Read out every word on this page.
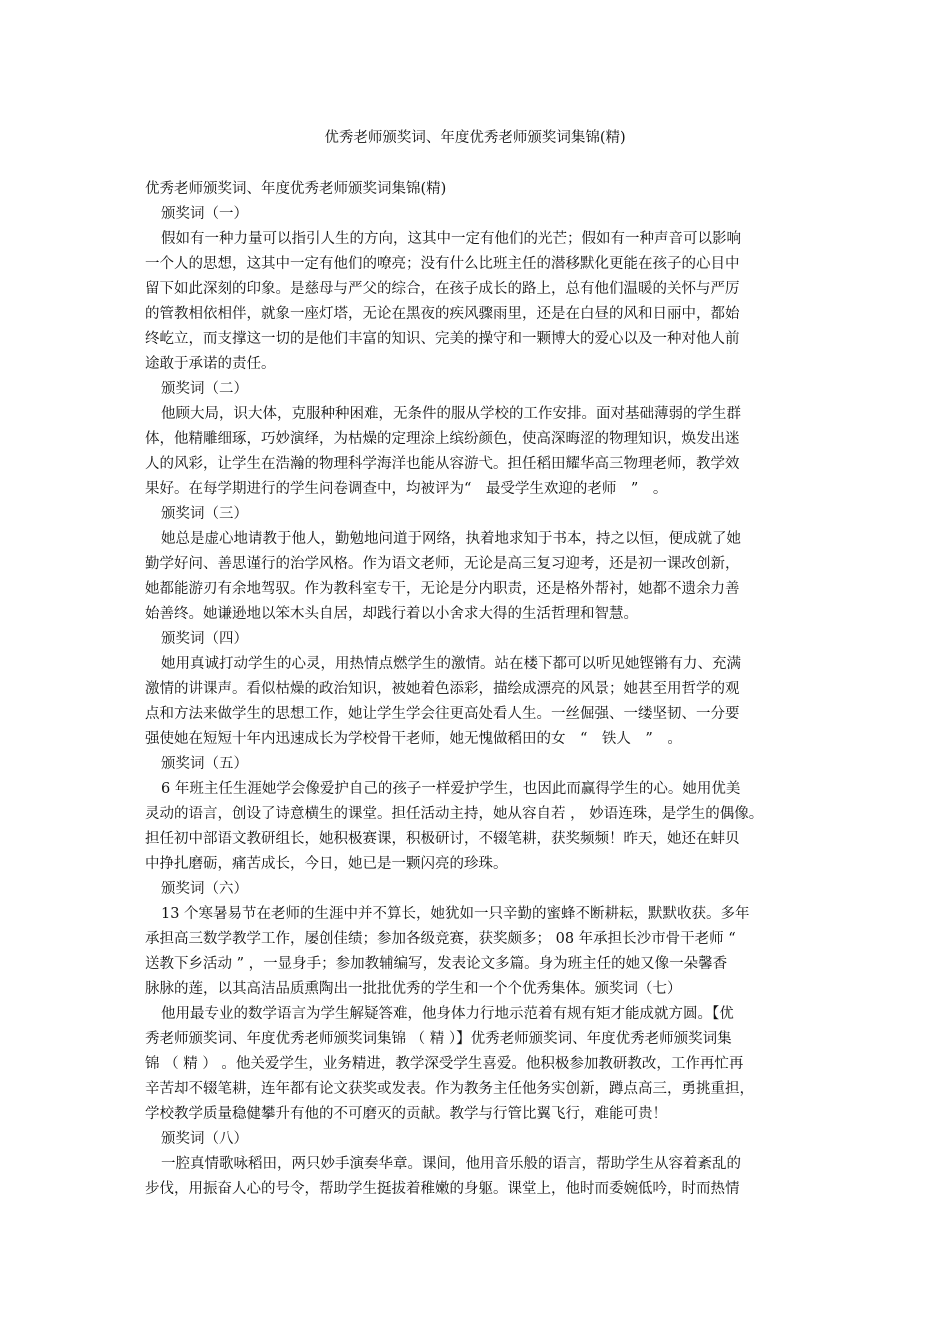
优秀老师颁奖词、年度优秀老师颁奖词集锦(精)
优秀老师颁奖词、年度优秀老师颁奖词集锦(精)
颁奖词（一）
假如有一种力量可以指引人生的方向，这其中一定有他们的光芒；假如有一种声音可以影响
一个人的思想，这其中一定有他们的嘹亮；没有什么比班主任的潜移默化更能在孩子的心目中
留下如此深刻的印象。是慈母与严父的综合，在孩子成长的路上，总有他们温暖的关怀与严厉
的管教相依相伴，就象一座灯塔，无论在黑夜的疾风骤雨里，还是在白昼的风和日丽中，都始
终屹立，而支撑这一切的是他们丰富的知识、完美的操守和一颗博大的爱心以及一种对他人前
途敢于承诺的责任。
颁奖词（二）
他顾大局，识大体，克服种种困难，无条件的服从学校的工作安排。面对基础薄弱的学生群
体，他精雕细琢，巧妙演绎，为枯燥的定理涂上缤纷颜色，使高深晦涩的物理知识，焕发出迷
人的风彩，让学生在浩瀚的物理科学海洋也能从容游弋。担任稻田耀华高三物理老师，教学效
果好。在每学期进行的学生问卷调查中，均被评为“　最受学生欢迎的老师　”　。
颁奖词（三）
她总是虚心地请教于他人，勤勉地问道于网络，执着地求知于书本，持之以恒，便成就了她
勤学好问、善思谨行的治学风格。作为语文老师，无论是高三复习迎考，还是初一课改创新，
她都能游刃有余地驾驭。作为教科室专干，无论是分内职责，还是格外帮衬，她都不遗余力善
始善终。她谦逊地以笨木头自居，却践行着以小舍求大得的生活哲理和智慧。
颁奖词（四）
她用真诚打动学生的心灵，用热情点燃学生的激情。站在楼下都可以听见她铿锵有力、充满
激情的讲课声。看似枯燥的政治知识，被她着色添彩，描绘成漂亮的风景；她甚至用哲学的观
点和方法来做学生的思想工作，她让学生学会往更高处看人生。一丝倔强、一缕坚韧、一分要
强使她在短短十年内迅速成长为学校骨干老师，她无愧做稻田的女　“　铁人　”　。
颁奖词（五）
6 年班主任生涯她学会像爱护自己的孩子一样爱护学生，也因此而赢得学生的心。她用优美
灵动的语言，创设了诗意横生的课堂。担任活动主持，她从容自若 ， 妙语连珠，是学生的偶像。
担任初中部语文教研组长，她积极赛课，积极研讨，不辍笔耕，获奖频频！昨天，她还在蚌贝
中挣扎磨砺，痛苦成长，今日，她已是一颗闪亮的珍珠。
颁奖词（六）
13 个寒暑易节在老师的生涯中并不算长，她犹如一只辛勤的蜜蜂不断耕耘，默默收获。多年
承担高三数学教学工作，屡创佳绩；参加各级竞赛，获奖颇多； 08 年承担长沙市骨干老师 “
送教下乡活动 ” ，一显身手；参加教辅编写，发表论文多篇。身为班主任的她又像一朵馨香
脉脉的莲，以其高洁品质熏陶出一批批优秀的学生和一个个优秀集体。颁奖词（七）
他用最专业的数学语言为学生解疑答难，他身体力行地示范着有规有矩才能成就方圆。【优
秀老师颁奖词、年度优秀老师颁奖词集锦 （ 精 ）】优秀老师颁奖词、年度优秀老师颁奖词集
锦 （ 精 ） 。他关爱学生，业务精进，教学深受学生喜爱。他积极参加教研教改，工作再忙再
辛苦却不辍笔耕，连年都有论文获奖或发表。作为教务主任他务实创新，蹲点高三，勇挑重担，
学校教学质量稳健攀升有他的不可磨灭的贡献。教学与行管比翼飞行，难能可贵！
颁奖词（八）
一腔真情歌咏稻田，两只妙手演奏华章。课间，他用音乐般的语言，帮助学生从容着紊乱的
步伐，用振奋人心的号令，帮助学生挺拔着稚嫩的身躯。课堂上，他时而委婉低吟，时而热情
